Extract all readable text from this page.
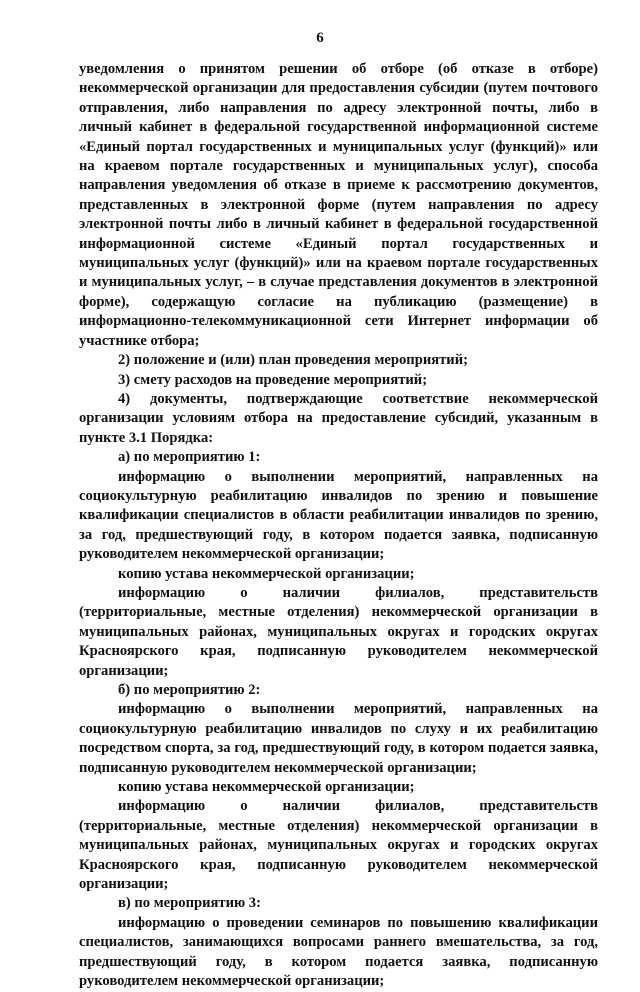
6

уведомления о принятом решении об отборе (об отказе в отборе) некоммерческой организации для предоставления субсидии (путем почтового отправления, либо направления по адресу электронной почты, либо в личный кабинет в федеральной государственной информационной системе «Единый портал государственных и муниципальных услуг (функций)» или на краевом портале государственных и муниципальных услуг), способа направления уведомления об отказе в приеме к рассмотрению документов, представленных в электронной форме (путем направления по адресу электронной почты либо в личный кабинет в федеральной государственной информационной системе «Единый портал государственных и муниципальных услуг (функций)» или на краевом портале государственных и муниципальных услуг, – в случае представления документов в электронной форме), содержащую согласие на публикацию (размещение) в информационно-телекоммуникационной сети Интернет информации об участнике отбора;

2) положение и (или) план проведения мероприятий;

3) смету расходов на проведение мероприятий;

4) документы, подтверждающие соответствие некоммерческой организации условиям отбора на предоставление субсидий, указанным в пункте 3.1 Порядка:

а) по мероприятию 1:

информацию о выполнении мероприятий, направленных на социокультурную реабилитацию инвалидов по зрению и повышение квалификации специалистов в области реабилитации инвалидов по зрению, за год, предшествующий году, в котором подается заявка, подписанную руководителем некоммерческой организации;

копию устава некоммерческой организации;

информацию о наличии филиалов, представительств (территориальные, местные отделения) некоммерческой организации в муниципальных районах, муниципальных округах и городских округах Красноярского края, подписанную руководителем некоммерческой организации;

б) по мероприятию 2:

информацию о выполнении мероприятий, направленных на социокультурную реабилитацию инвалидов по слуху и их реабилитацию посредством спорта, за год, предшествующий году, в котором подается заявка, подписанную руководителем некоммерческой организации;

копию устава некоммерческой организации;

информацию о наличии филиалов, представительств (территориальные, местные отделения) некоммерческой организации в муниципальных районах, муниципальных округах и городских округах Красноярского края, подписанную руководителем некоммерческой организации;

в) по мероприятию 3:

информацию о проведении семинаров по повышению квалификации специалистов, занимающихся вопросами раннего вмешательства, за год, предшествующий году, в котором подается заявка, подписанную руководителем некоммерческой организации;
